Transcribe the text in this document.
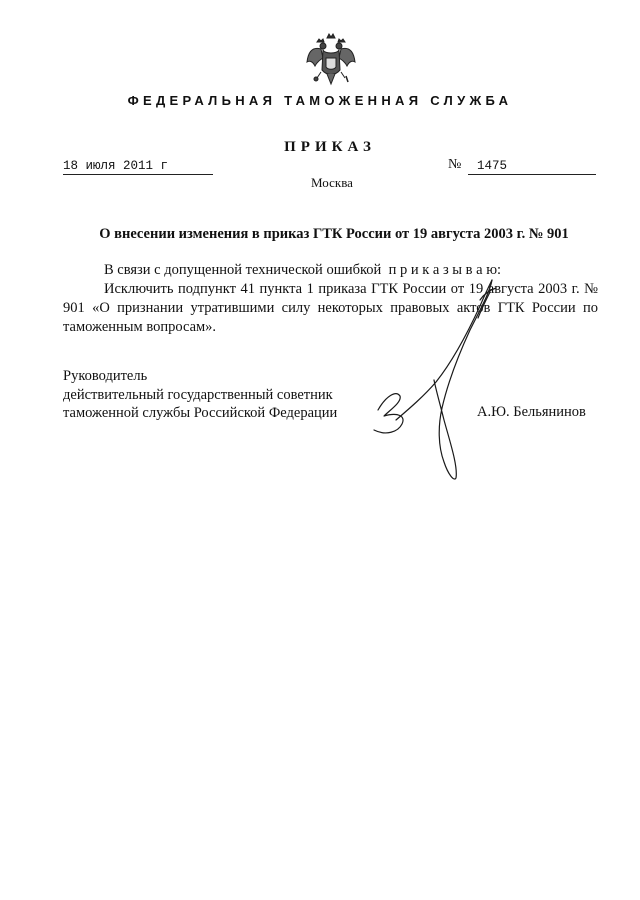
ФЕДЕРАЛЬНАЯ ТАМОЖЕННАЯ СЛУЖБА
ПРИКАЗ
18 июля 2011 г	№	1475
Москва
О внесении изменения в приказ ГТК России от 19 августа 2003 г. № 901
В связи с допущенной технической ошибкой  п р и к а з ы в а ю:
Исключить подпункт 41 пункта 1 приказа ГТК России от 19 августа 2003 г. № 901 «О признании утратившими силу некоторых правовых актов ГТК России по таможенным вопросам».
Руководитель
действительный государственный советник
таможенной службы Российской Федерации	А.Ю. Бельянинов
